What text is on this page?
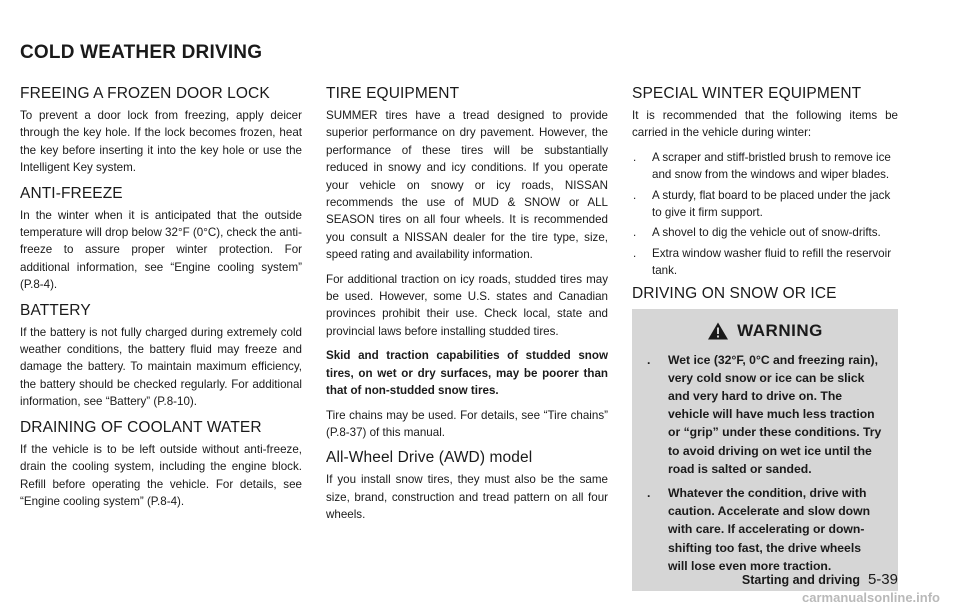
COLD WEATHER DRIVING
FREEING A FROZEN DOOR LOCK

To prevent a door lock from freezing, apply deicer through the key hole. If the lock becomes frozen, heat the key before inserting it into the key hole or use the Intelligent Key system.

ANTI-FREEZE

In the winter when it is anticipated that the outside temperature will drop below 32°F (0°C), check the anti-freeze to assure proper winter protection. For additional information, see “Engine cooling system” (P.8-4).

BATTERY

If the battery is not fully charged during extremely cold weather conditions, the battery fluid may freeze and damage the battery. To maintain maximum efficiency, the battery should be checked regularly. For additional information, see “Battery” (P.8-10).

DRAINING OF COOLANT WATER

If the vehicle is to be left outside without anti-freeze, drain the cooling system, including the engine block. Refill before operating the vehicle. For details, see “Engine cooling system” (P.8-4).

TIRE EQUIPMENT

SUMMER tires have a tread designed to provide superior performance on dry pavement. However, the performance of these tires will be substantially reduced in snowy and icy conditions. If you operate your vehicle on snowy or icy roads, NISSAN recommends the use of MUD & SNOW or ALL SEASON tires on all four wheels. It is recommended you consult a NISSAN dealer for the tire type, size, speed rating and availability information.

For additional traction on icy roads, studded tires may be used. However, some U.S. states and Canadian provinces prohibit their use. Check local, state and provincial laws before installing studded tires.

Skid and traction capabilities of studded snow tires, on wet or dry surfaces, may be poorer than that of non-studded snow tires.

Tire chains may be used. For details, see “Tire chains” (P.8-37) of this manual.

All-Wheel Drive (AWD) model

If you install snow tires, they must also be the same size, brand, construction and tread pattern on all four wheels.

SPECIAL WINTER EQUIPMENT

It is recommended that the following items be carried in the vehicle during winter:

. A scraper and stiff-bristled brush to remove ice and snow from the windows and wiper blades.
. A sturdy, flat board to be placed under the jack to give it firm support.
. A shovel to dig the vehicle out of snow-drifts.
. Extra window washer fluid to refill the reservoir tank.
DRIVING ON SNOW OR ICE
WARNING
. Wet ice (32°F, 0°C and freezing rain), very cold snow or ice can be slick and very hard to drive on. The vehicle will have much less traction or “grip” under these conditions. Try to avoid driving on wet ice until the road is salted or sanded.
. Whatever the condition, drive with caution. Accelerate and slow down with care. If accelerating or down-shifting too fast, the drive wheels will lose even more traction.
Starting and driving 5-39
carmanualsonline.info
